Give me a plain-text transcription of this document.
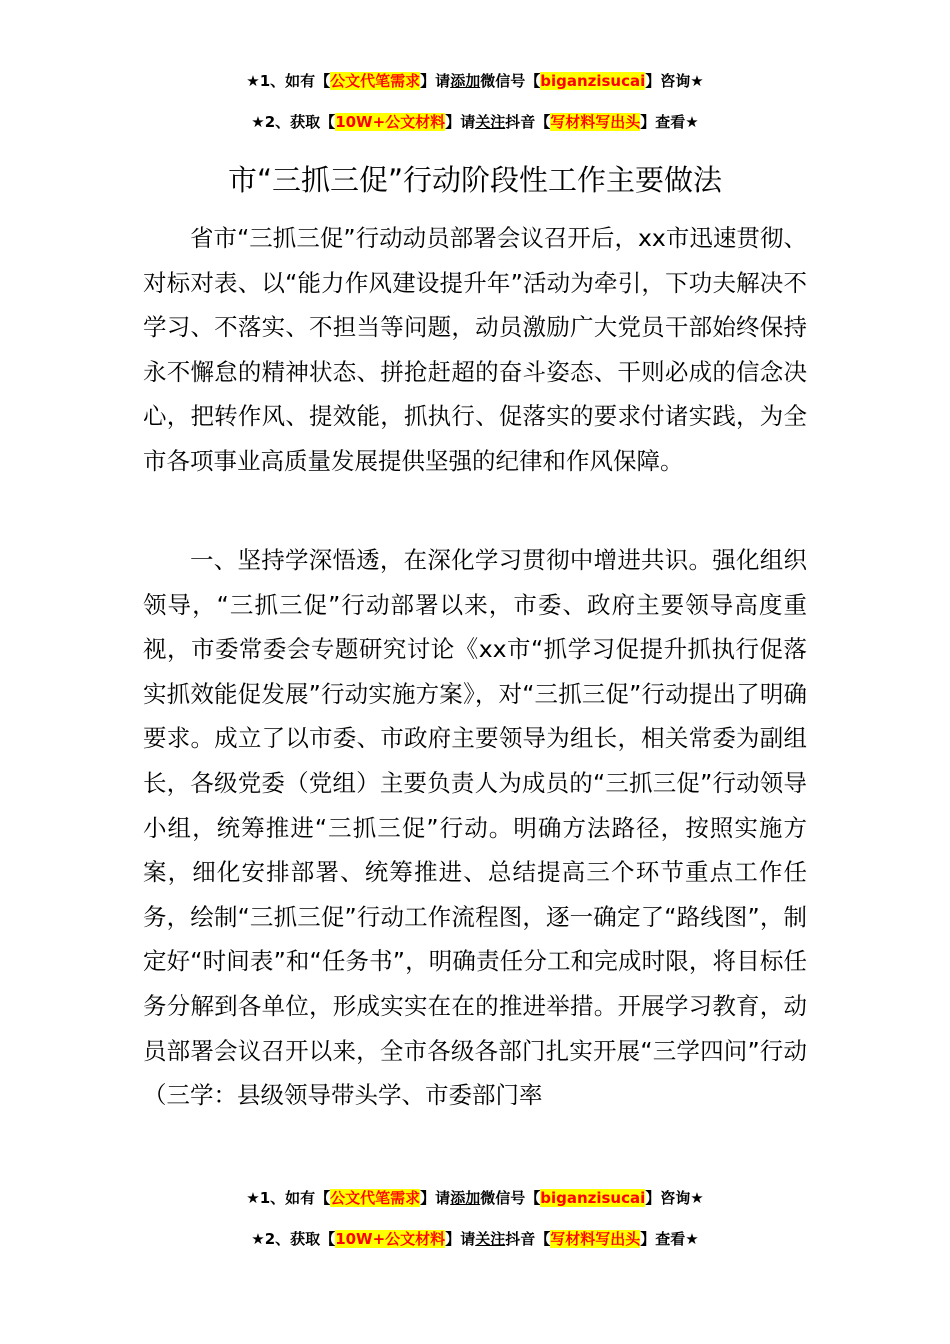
★1、如有【公文代笔需求】请添加微信号【biganzisucai】咨询★
★2、获取【10W+公文材料】请关注抖音【写材料写出头】查看★
市“三抓三促”行动阶段性工作主要做法

省市“三抓三促”行动动员部署会议召开后，xx市迅速贯彻、对标对表、以“能力作风建设提升年”活动为牵引，下功夫解决不学习、不落实、不担当等问题，动员激励广大党员干部始终保持永不懈怠的精神状态、拼抢赶超的奋斗姿态、干则必成的信念决心，把转作风、提效能，抓执行、促落实的要求付诸实践，为全市各项事业高质量发展提供坚强的纪律和作风保障。

一、坚持学深悟透，在深化学习贯彻中增进共识。强化组织领导，“三抓三促”行动部署以来，市委、政府主要领导高度重视，市委常委会专题研究讨论《xx市“抓学习促提升抓执行促落实抓效能促发展”行动实施方案》，对“三抓三促”行动提出了明确要求。成立了以市委、市政府主要领导为组长，相关常委为副组长，各级党委（党组）主要负责人为成员的“三抓三促”行动领导小组，统筹推进“三抓三促”行动。明确方法路径，按照实施方案，细化安排部署、统筹推进、总结提高三个环节重点工作任务，绘制“三抓三促”行动工作流程图，逐一确定了“路线图”，制定好“时间表”和“任务书”，明确责任分工和完成时限，将目标任务分解到各单位，形成实实在在的推进举措。开展学习教育，动员部署会议召开以来，全市各级各部门扎实开展“三学四问”行动（三学：县级领导带头学、市委部门率

★1、如有【公文代笔需求】请添加微信号【biganzisucai】咨询★
★2、获取【10W+公文材料】请关注抖音【写材料写出头】查看★
